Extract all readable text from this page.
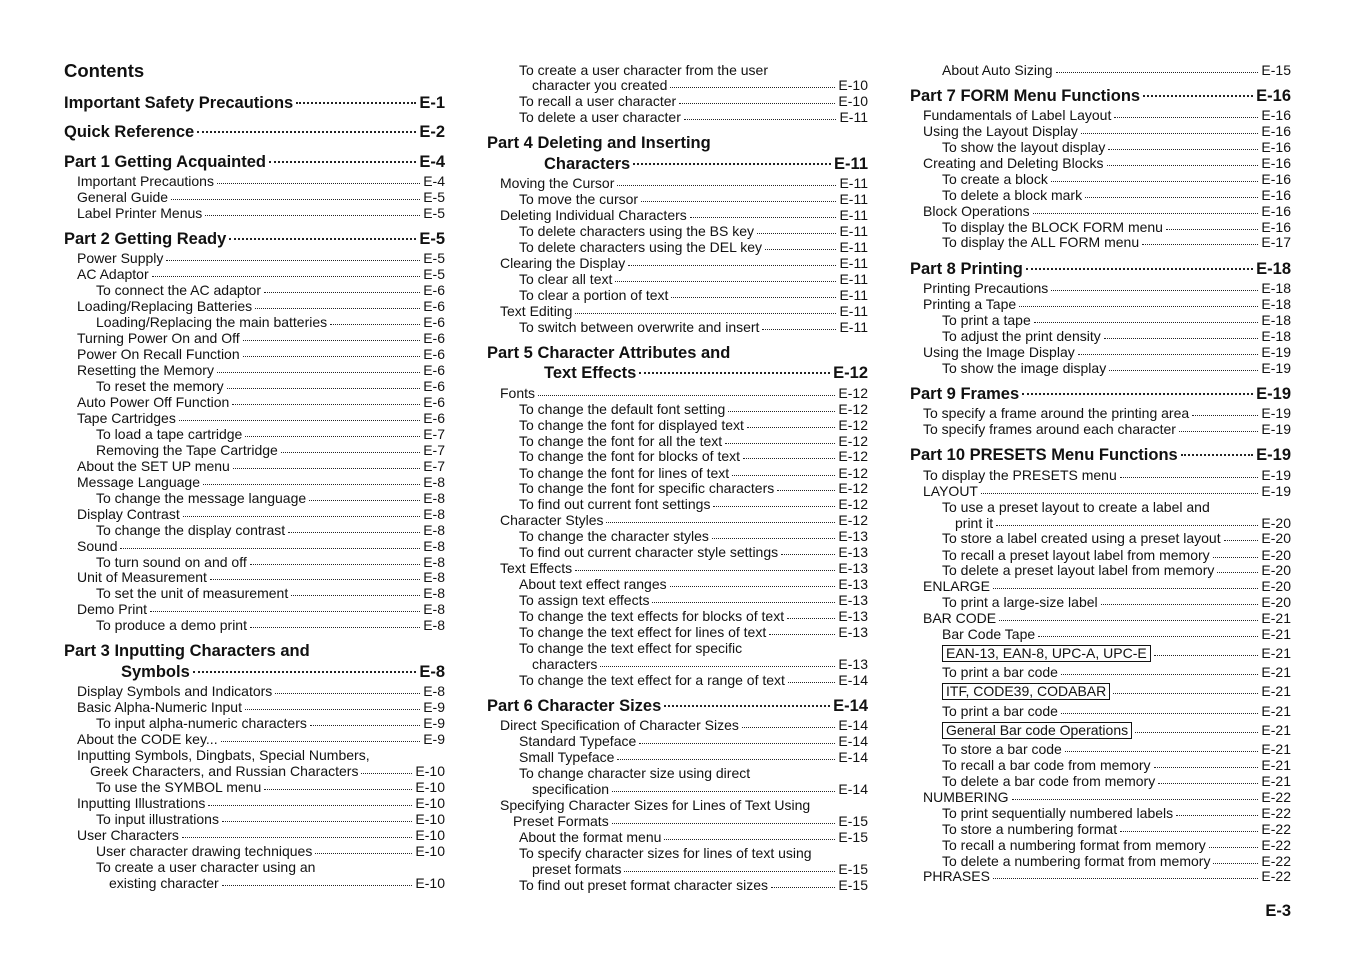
Contents
Important Safety Precautions	E-1
Quick Reference	E-2
Part 1 Getting Acquainted	E-4
Important Precautions	E-4
General Guide	E-5
Label Printer Menus	E-5
Part 2 Getting Ready	E-5
Power Supply	E-5
AC Adaptor	E-5
To connect the AC adaptor	E-6
Loading/Replacing Batteries	E-6
Loading/Replacing the main batteries	E-6
Turning Power On and Off	E-6
Power On Recall Function	E-6
Resetting the Memory	E-6
To reset the memory	E-6
Auto Power Off Function	E-6
Tape Cartridges	E-6
To load a tape cartridge	E-7
Removing the Tape Cartridge	E-7
About the SET UP menu	E-7
Message Language	E-8
To change the message language	E-8
Display Contrast	E-8
To change the display contrast	E-8
Sound	E-8
To turn sound on and off	E-8
Unit of Measurement	E-8
To set the unit of measurement	E-8
Demo Print	E-8
To produce a demo print	E-8
Part 3 Inputting Characters and
Symbols	E-8
Display Symbols and Indicators	E-8
Basic Alpha-Numeric Input	E-9
To input alpha-numeric characters	E-9
About the CODE key...	E-9
Inputting Symbols, Dingbats, Special Numbers,
Greek Characters, and Russian Characters	E-10
To use the SYMBOL menu	E-10
Inputting Illustrations	E-10
To input illustrations	E-10
User Characters	E-10
User character drawing techniques	E-10
To create a user character using an
existing character	E-10
To create a user character from the user
character you created	E-10
To recall a user character	E-10
To delete a user character	E-11
Part 4 Deleting and Inserting
Characters	E-11
Moving the Cursor	E-11
To move the cursor	E-11
Deleting Individual Characters	E-11
To delete characters using the BS key	E-11
To delete characters using the DEL key	E-11
Clearing the Display	E-11
To clear all text	E-11
To clear a portion of text	E-11
Text Editing	E-11
To switch between overwrite and insert	E-11
Part 5 Character Attributes and
Text Effects	E-12
Fonts	E-12
To change the default font setting	E-12
To change the font for displayed text	E-12
To change the font for all the text	E-12
To change the font for blocks of text	E-12
To change the font for lines of text	E-12
To change the font for specific characters	E-12
To find out current font settings	E-12
Character Styles	E-12
To change the character styles	E-13
To find out current character style settings	E-13
Text Effects	E-13
About text effect ranges	E-13
To assign text effects	E-13
To change the text effects for blocks of text	E-13
To change the text effect for lines of text	E-13
To change the text effect for specific
characters	E-13
To change the text effect for a range of text	E-14
Part 6 Character Sizes	E-14
Direct Specification of Character Sizes	E-14
Standard Typeface	E-14
Small Typeface	E-14
To change character size using direct
specification	E-14
Specifying Character Sizes for Lines of Text Using
Preset Formats	E-15
About the format menu	E-15
To specify character sizes for lines of text using
preset formats	E-15
To find out preset format character sizes	E-15
About Auto Sizing	E-15
Part 7 FORM Menu Functions	E-16
Fundamentals of Label Layout	E-16
Using the Layout Display	E-16
To show the layout display	E-16
Creating and Deleting Blocks	E-16
To create a block	E-16
To delete a block mark	E-16
Block Operations	E-16
To display the BLOCK FORM menu	E-16
To display the ALL FORM menu	E-17
Part 8 Printing	E-18
Printing Precautions	E-18
Printing a Tape	E-18
To print a tape	E-18
To adjust the print density	E-18
Using the Image Display	E-19
To show the image display	E-19
Part 9 Frames	E-19
To specify a frame around the printing area	E-19
To specify frames around each character	E-19
Part 10 PRESETS Menu Functions	E-19
To display the PRESETS menu	E-19
LAYOUT	E-19
To use a preset layout to create a label and
print it	E-20
To store a label created using a preset layout	E-20
To recall a preset layout label from memory	E-20
To delete a preset layout label from memory	E-20
ENLARGE	E-20
To print a large-size label	E-20
BAR CODE	E-21
Bar Code Tape	E-21
EAN-13, EAN-8, UPC-A, UPC-E	E-21
To print a bar code	E-21
ITF, CODE39, CODABAR	E-21
To print a bar code	E-21
General Bar code Operations	E-21
To store a bar code	E-21
To recall a bar code from memory	E-21
To delete a bar code from memory	E-21
NUMBERING	E-22
To print sequentially numbered labels	E-22
To store a numbering format	E-22
To recall a numbering format from memory	E-22
To delete a numbering format from memory	E-22
PHRASES	E-22
E-3
